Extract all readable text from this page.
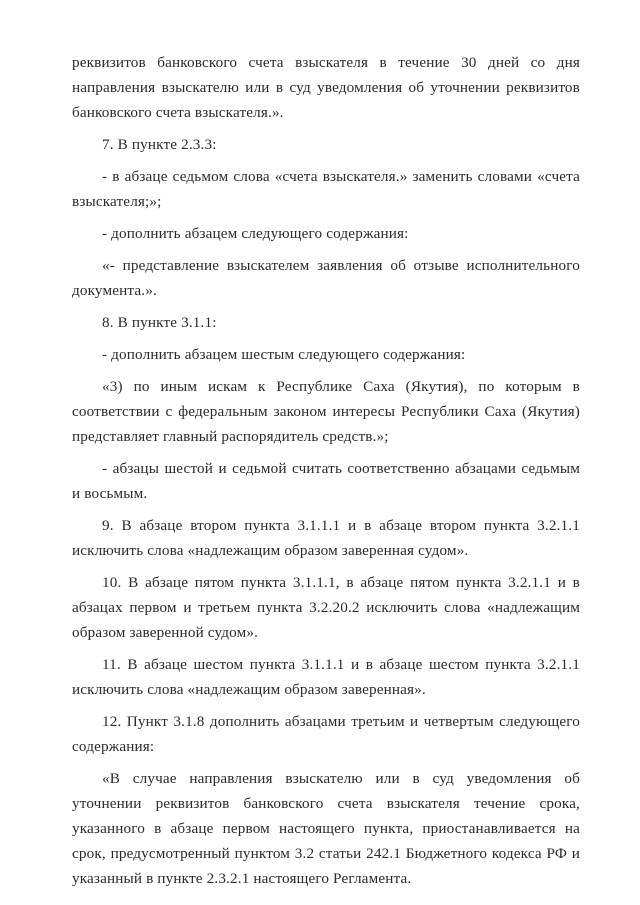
реквизитов банковского счета взыскателя в течение 30 дней со дня направления взыскателю или в суд уведомления об уточнении реквизитов банковского счета взыскателя.».

7. В пункте 2.3.3:

- в абзаце седьмом слова «счета взыскателя.» заменить словами «счета взыскателя;»;

- дополнить абзацем следующего содержания:

«- представление взыскателем заявления об отзыве исполнительного документа.».

8. В пункте 3.1.1:

- дополнить абзацем шестым следующего содержания:

«3) по иным искам к Республике Саха (Якутия), по которым в соответствии с федеральным законом интересы Республики Саха (Якутия) представляет главный распорядитель средств.»;

- абзацы шестой и седьмой считать соответственно абзацами седьмым и восьмым.

9. В абзаце втором пункта 3.1.1.1 и в абзаце втором пункта 3.2.1.1 исключить слова «надлежащим образом заверенная судом».

10. В абзаце пятом пункта 3.1.1.1, в абзаце пятом пункта 3.2.1.1 и в абзацах первом и третьем пункта 3.2.20.2 исключить слова «надлежащим образом заверенной судом».

11. В абзаце шестом пункта 3.1.1.1 и в абзаце шестом пункта 3.2.1.1 исключить слова «надлежащим образом заверенная».

12. Пункт 3.1.8 дополнить абзацами третьим и четвертым следующего содержания:

«В случае направления взыскателю или в суд уведомления об уточнении реквизитов банковского счета взыскателя течение срока, указанного в абзаце первом настоящего пункта, приостанавливается на срок, предусмотренный пунктом 3.2 статьи 242.1 Бюджетного кодекса РФ и указанный в пункте 2.3.2.1 настоящего Регламента.
